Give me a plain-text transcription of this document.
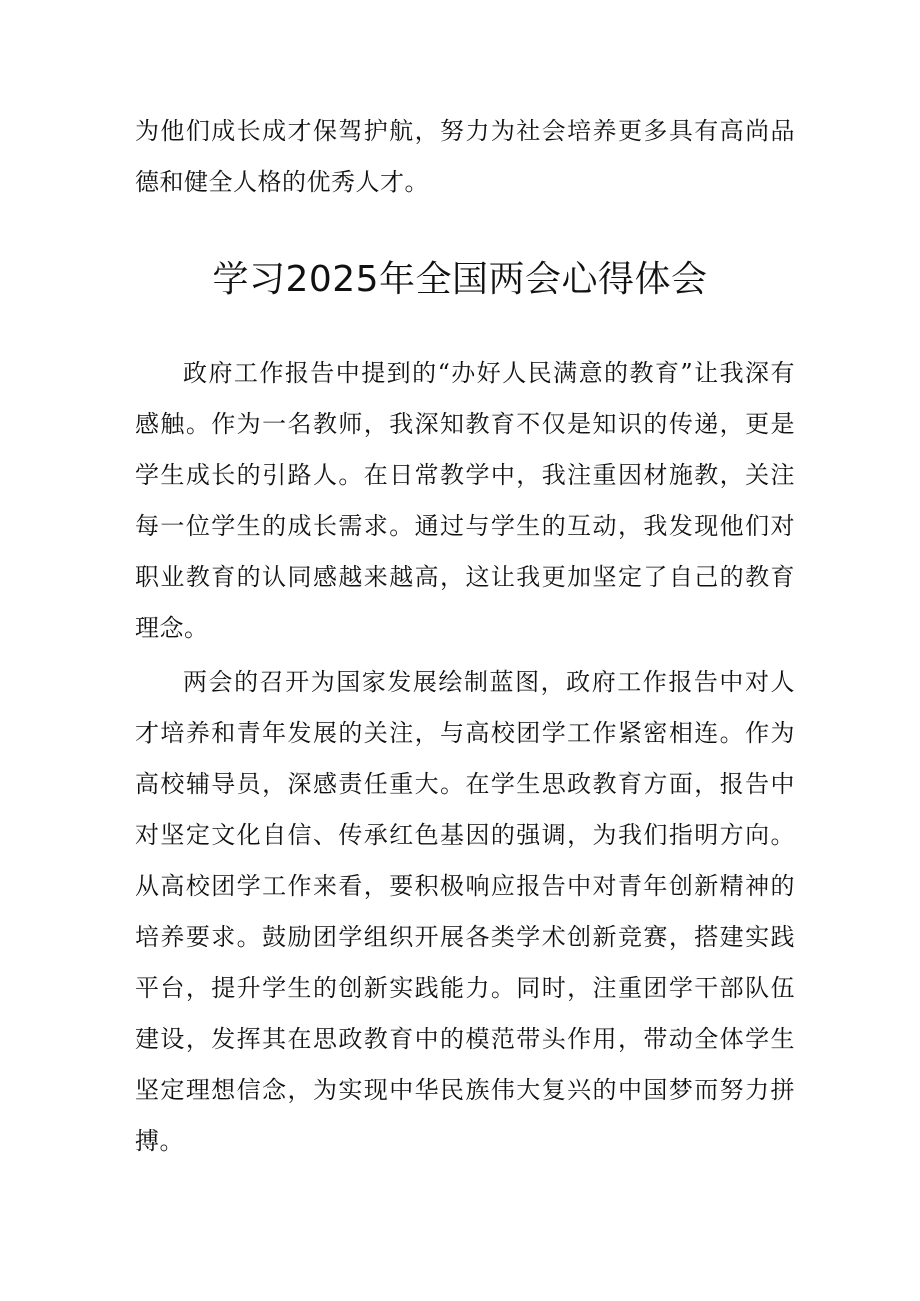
为他们成长成才保驾护航，努力为社会培养更多具有高尚品德和健全人格的优秀人才。

学习2025年全国两会心得体会

政府工作报告中提到的“办好人民满意的教育”让我深有感触。作为一名教师，我深知教育不仅是知识的传递，更是学生成长的引路人。在日常教学中，我注重因材施教，关注每一位学生的成长需求。通过与学生的互动，我发现他们对职业教育的认同感越来越高，这让我更加坚定了自己的教育理念。

两会的召开为国家发展绘制蓝图，政府工作报告中对人才培养和青年发展的关注，与高校团学工作紧密相连。作为高校辅导员，深感责任重大。在学生思政教育方面，报告中对坚定文化自信、传承红色基因的强调，为我们指明方向。从高校团学工作来看，要积极响应报告中对青年创新精神的培养要求。鼓励团学组织开展各类学术创新竞赛，搭建实践平台，提升学生的创新实践能力。同时，注重团学干部队伍建设，发挥其在思政教育中的模范带头作用，带动全体学生坚定理想信念，为实现中华民族伟大复兴的中国梦而努力拼搏。
